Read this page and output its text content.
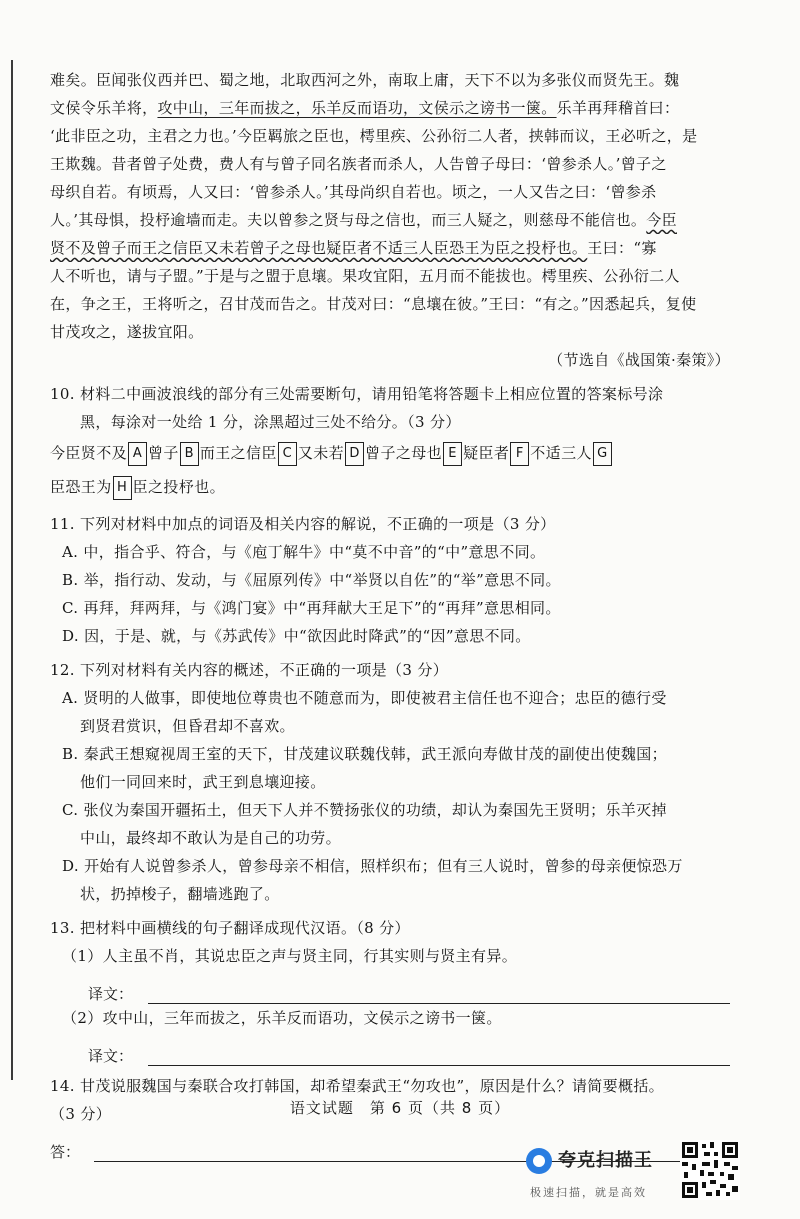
难矣。臣闻张仪西并巴、蜀之地，北取西河之外，南取上庸，天下不以为多张仪而贤先王。魏
文侯令乐羊将，攻中山，三年而拔之，乐羊反而语功，文侯示之谤书一箧。乐羊再拜稽首曰：
‘此非臣之功，主君之力也。’今臣羁旅之臣也，樗里疾、公孙衍二人者，挟韩而议，王必听之，是
王欺魏。昔者曾子处费，费人有与曾子同名族者而杀人，人告曾子母曰：‘曾参杀人。’曾子之
母织自若。有顷焉，人又曰：‘曾参杀人。’其母尚织自若也。顷之，一人又告之曰：‘曾参杀
人。’其母惧，投杼逾墙而走。夫以曾参之贤与母之信也，而三人疑之，则慈母不能信也。今臣
贤不及曾子而王之信臣又未若曾子之母也疑臣者不适三人臣恐王为臣之投杼也。王曰：“寡
人不听也，请与子盟。”于是与之盟于息壤。果攻宜阳，五月而不能拔也。樗里疾、公孙衍二人
在，争之王，王将听之，召甘茂而告之。甘茂对曰：“息壤在彼。”王曰：“有之。”因悉起兵，复使
甘茂攻之，遂拔宜阳。
（节选自《战国策·秦策》）
10. 材料二中画波浪线的部分有三处需要断句，请用铅笔将答题卡上相应位置的答案标号涂
黑，每涂对一处给 1 分，涂黑超过三处不给分。（3 分）
今臣贤不及 A 曾子 B 而王之信臣 C 又未若 D 曾子之母也 E 疑臣者 F 不适三人 G
臣恐王为 H 臣之投杼也。
11. 下列对材料中加点的词语及相关内容的解说，不正确的一项是（3 分）
A. 中，指合乎、符合，与《庖丁解牛》中“莫不中音”的“中”意思不同。
B. 举，指行动、发动，与《屈原列传》中“举贤以自佐”的“举”意思不同。
C. 再拜，拜两拜，与《鸿门宴》中“再拜献大王足下”的“再拜”意思相同。
D. 因，于是、就，与《苏武传》中“欲因此时降武”的“因”意思不同。
12. 下列对材料有关内容的概述，不正确的一项是（3 分）
A. 贤明的人做事，即使地位尊贵也不随意而为，即使被君主信任也不迎合；忠臣的德行受
到贤君赏识，但昏君却不喜欢。
B. 秦武王想窥视周王室的天下，甘茂建议联魏伐韩，武王派向寿做甘茂的副使出使魏国；
他们一同回来时，武王到息壤迎接。
C. 张仪为秦国开疆拓土，但天下人并不赞扬张仪的功绩，却认为秦国先王贤明；乐羊灭掉
中山，最终却不敢认为是自己的功劳。
D. 开始有人说曾参杀人，曾参母亲不相信，照样织布；但有三人说时，曾参的母亲便惊恐万
状，扔掉梭子，翻墙逃跑了。
13. 把材料中画横线的句子翻译成现代汉语。（8 分）
（1）人主虽不肖，其说忠臣之声与贤主同，行其实则与贤主有异。
译文：
（2）攻中山，三年而拔之，乐羊反而语功，文侯示之谤书一箧。
译文：
14. 甘茂说服魏国与秦联合攻打韩国，却希望秦武王“勿攻也”，原因是什么？请简要概括。
（3 分）
答：
语文试题　第 6 页（共 8 页）
夸克扫描王
极速扫描，就是高效
